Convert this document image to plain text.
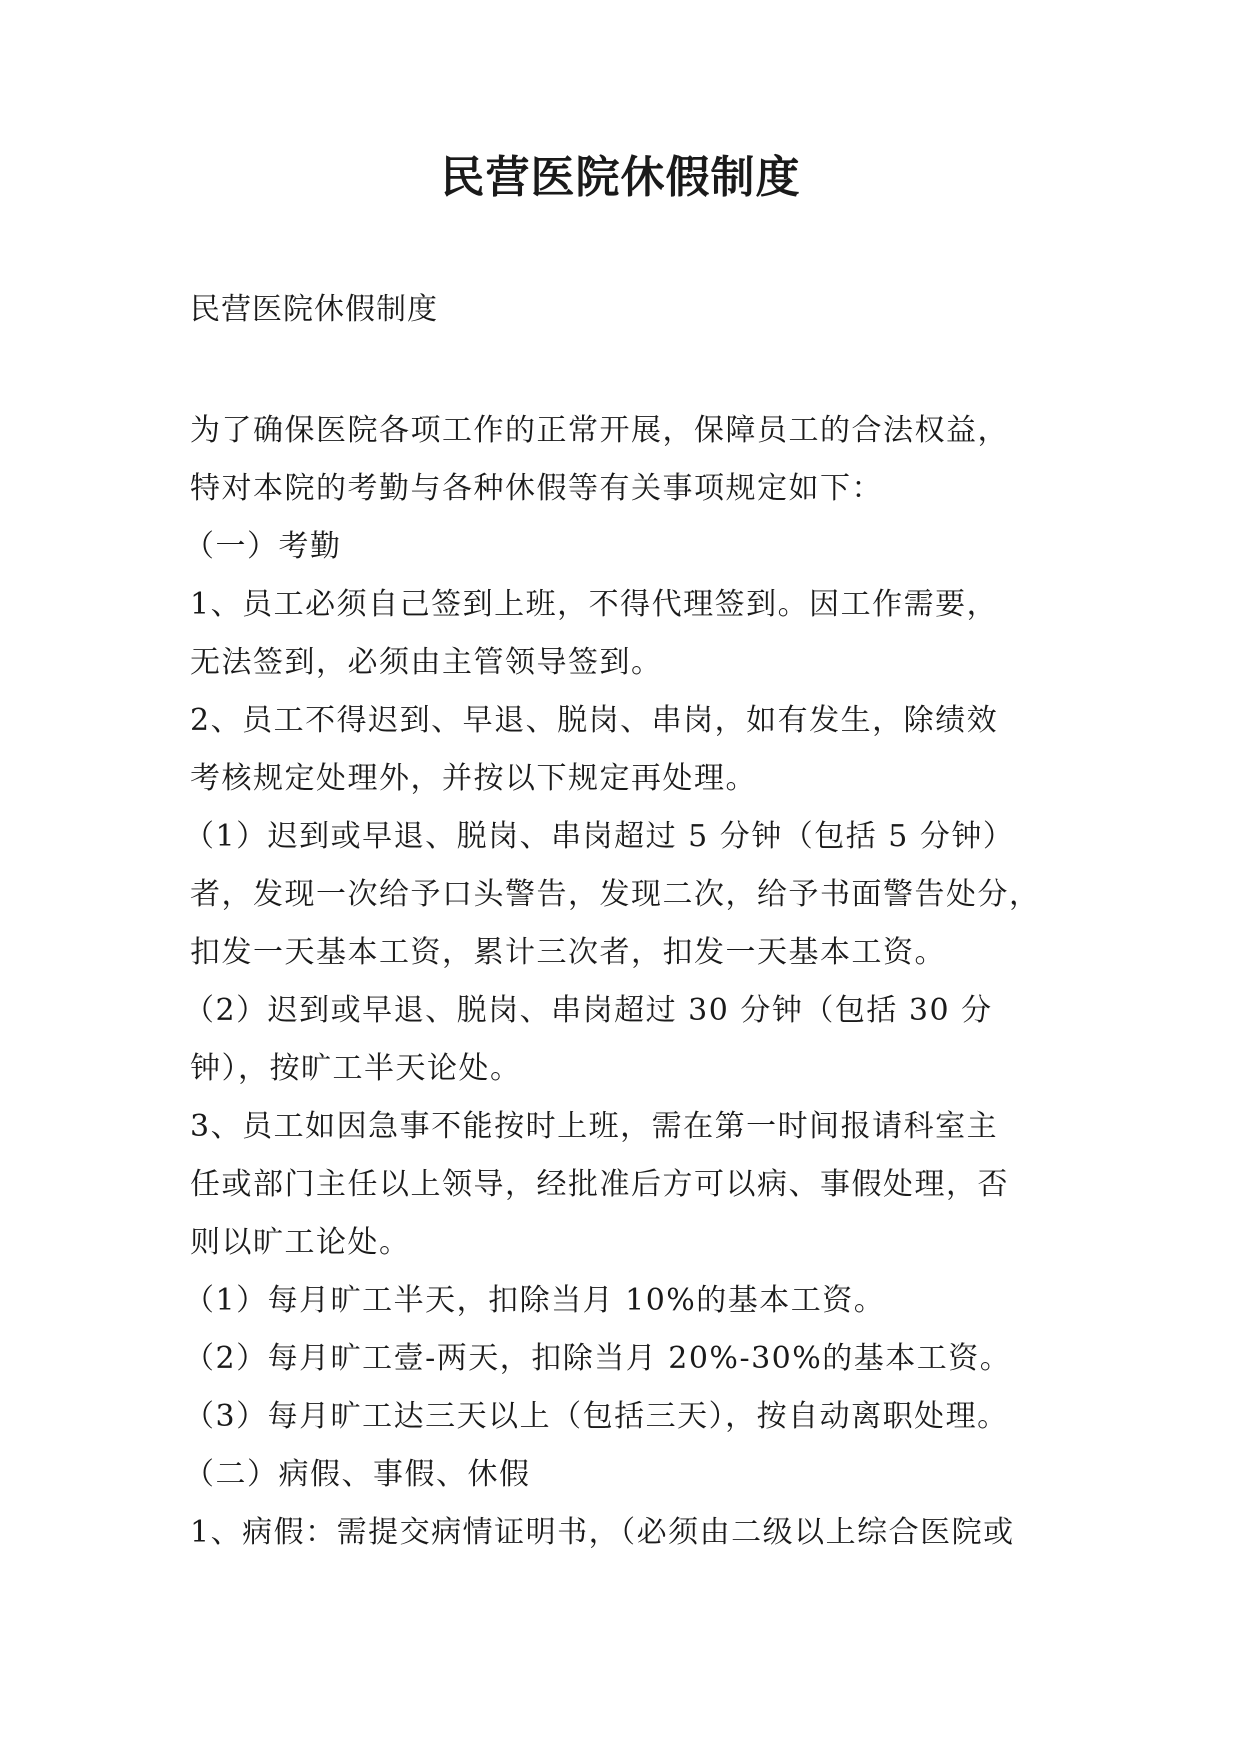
民营医院休假制度
民营医院休假制度
为了确保医院各项工作的正常开展，保障员工的合法权益，
特对本院的考勤与各种休假等有关事项规定如下：
（一）考勤
1、员工必须自己签到上班，不得代理签到。因工作需要，
无法签到，必须由主管领导签到。
2、员工不得迟到、早退、脱岗、串岗，如有发生，除绩效
考核规定处理外，并按以下规定再处理。
（1）迟到或早退、脱岗、串岗超过 5 分钟（包括 5 分钟）
者，发现一次给予口头警告，发现二次，给予书面警告处分，
扣发一天基本工资，累计三次者，扣发一天基本工资。
（2）迟到或早退、脱岗、串岗超过 30 分钟（包括 30 分
钟），按旷工半天论处。
3、员工如因急事不能按时上班，需在第一时间报请科室主
任或部门主任以上领导，经批准后方可以病、事假处理，否
则以旷工论处。
（1）每月旷工半天，扣除当月 10%的基本工资。
（2）每月旷工壹-两天，扣除当月 20%-30%的基本工资。
（3）每月旷工达三天以上（包括三天），按自动离职处理。
（二）病假、事假、休假
1、病假：需提交病情证明书，（必须由二级以上综合医院或
